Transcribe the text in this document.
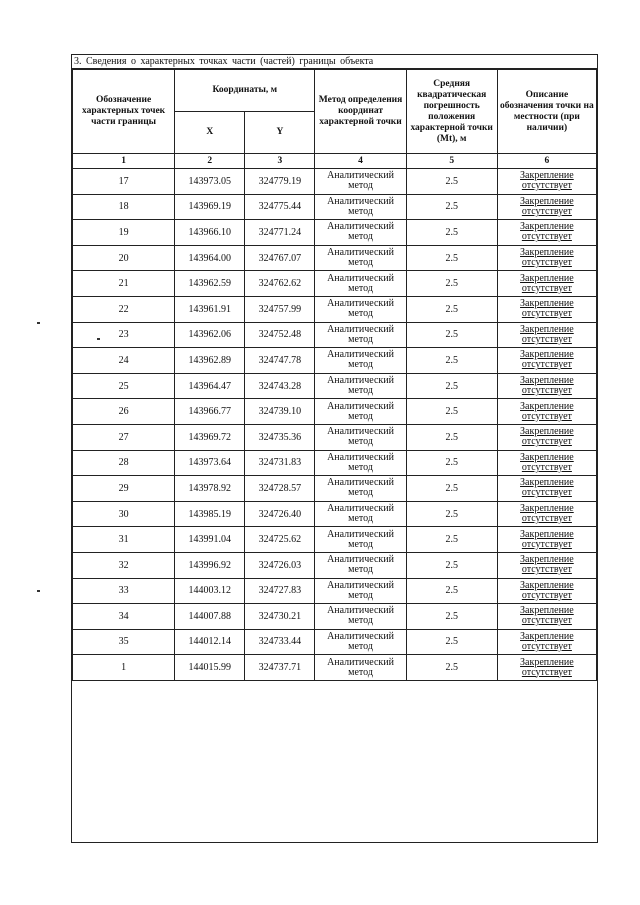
3. Сведения о характерных точках части (частей) границы объекта
Обозначение характерных точек части границы	Координаты, м		Метод определения координат характерной точки	Средняя квадратическая погрешность положения характерной точки (Mt), м	Описание обозначения точки на местности (при наличии)
	X	Y			
1	2	3	4	5	6
17	143973.05	324779.19	Аналитический метод	2.5	Закрепление отсутствует
18	143969.19	324775.44	Аналитический метод	2.5	Закрепление отсутствует
19	143966.10	324771.24	Аналитический метод	2.5	Закрепление отсутствует
20	143964.00	324767.07	Аналитический метод	2.5	Закрепление отсутствует
21	143962.59	324762.62	Аналитический метод	2.5	Закрепление отсутствует
22	143961.91	324757.99	Аналитический метод	2.5	Закрепление отсутствует
23	143962.06	324752.48	Аналитический метод	2.5	Закрепление отсутствует
24	143962.89	324747.78	Аналитический метод	2.5	Закрепление отсутствует
25	143964.47	324743.28	Аналитический метод	2.5	Закрепление отсутствует
26	143966.77	324739.10	Аналитический метод	2.5	Закрепление отсутствует
27	143969.72	324735.36	Аналитический метод	2.5	Закрепление отсутствует
28	143973.64	324731.83	Аналитический метод	2.5	Закрепление отсутствует
29	143978.92	324728.57	Аналитический метод	2.5	Закрепление отсутствует
30	143985.19	324726.40	Аналитический метод	2.5	Закрепление отсутствует
31	143991.04	324725.62	Аналитический метод	2.5	Закрепление отсутствует
32	143996.92	324726.03	Аналитический метод	2.5	Закрепление отсутствует
33	144003.12	324727.83	Аналитический метод	2.5	Закрепление отсутствует
34	144007.88	324730.21	Аналитический метод	2.5	Закрепление отсутствует
35	144012.14	324733.44	Аналитический метод	2.5	Закрепление отсутствует
1	144015.99	324737.71	Аналитический метод	2.5	Закрепление отсутствует
